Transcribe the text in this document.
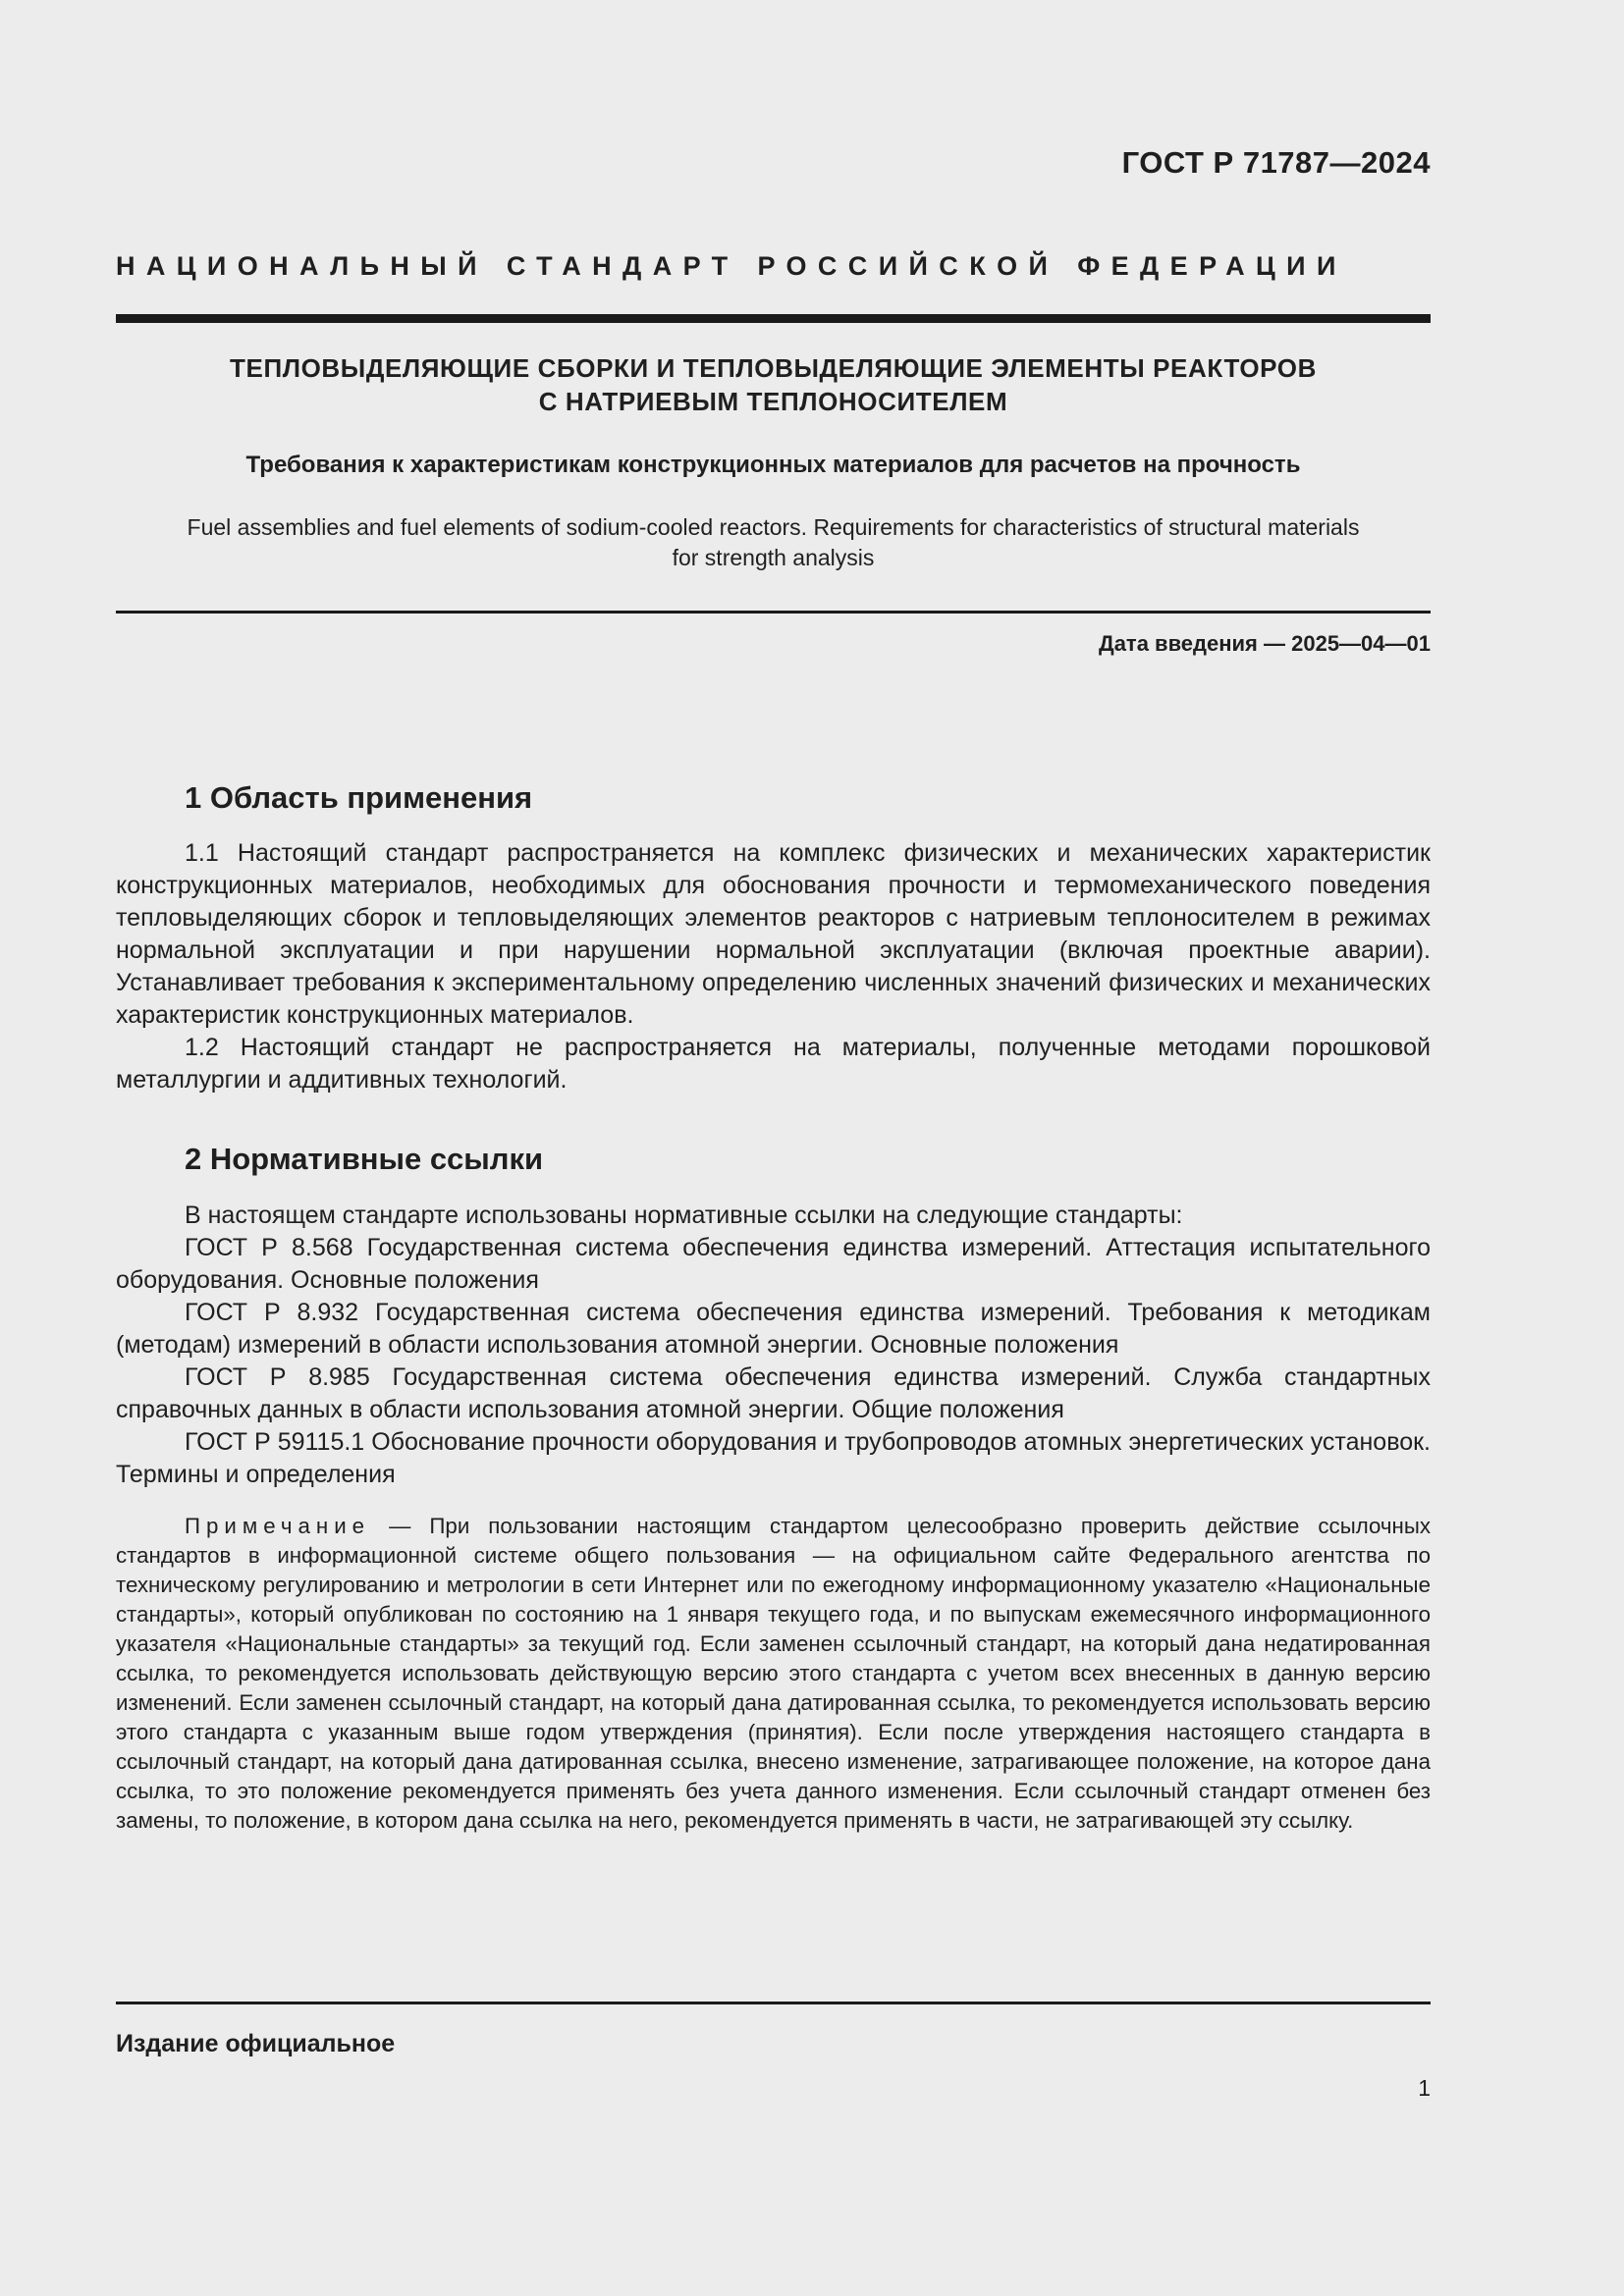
ГОСТ Р 71787—2024
НАЦИОНАЛЬНЫЙ СТАНДАРТ РОССИЙСКОЙ ФЕДЕРАЦИИ
ТЕПЛОВЫДЕЛЯЮЩИЕ СБОРКИ И ТЕПЛОВЫДЕЛЯЮЩИЕ ЭЛЕМЕНТЫ РЕАКТОРОВ
С НАТРИЕВЫМ ТЕПЛОНОСИТЕЛЕМ
Требования к характеристикам конструкционных материалов для расчетов на прочность
Fuel assemblies and fuel elements of sodium-cooled reactors. Requirements for characteristics of structural materials
for strength analysis
Дата введения — 2025—04—01
1 Область применения

1.1 Настоящий стандарт распространяется на комплекс физических и механических характеристик конструкционных материалов, необходимых для обоснования прочности и термомеханического поведения тепловыделяющих сборок и тепловыделяющих элементов реакторов с натриевым теплоносителем в режимах нормальной эксплуатации и при нарушении нормальной эксплуатации (включая проектные аварии). Устанавливает требования к экспериментальному определению численных значений физических и механических характеристик конструкционных материалов.

1.2 Настоящий стандарт не распространяется на материалы, полученные методами порошковой металлургии и аддитивных технологий.

2 Нормативные ссылки

В настоящем стандарте использованы нормативные ссылки на следующие стандарты:

ГОСТ Р 8.568 Государственная система обеспечения единства измерений. Аттестация испытательного оборудования. Основные положения

ГОСТ Р 8.932 Государственная система обеспечения единства измерений. Требования к методикам (методам) измерений в области использования атомной энергии. Основные положения

ГОСТ Р 8.985 Государственная система обеспечения единства измерений. Служба стандартных справочных данных в области использования атомной энергии. Общие положения

ГОСТ Р 59115.1 Обоснование прочности оборудования и трубопроводов атомных энергетических установок. Термины и определения

Примечание — При пользовании настоящим стандартом целесообразно проверить действие ссылочных стандартов в информационной системе общего пользования — на официальном сайте Федерального агентства по техническому регулированию и метрологии в сети Интернет или по ежегодному информационному указателю «Национальные стандарты», который опубликован по состоянию на 1 января текущего года, и по выпускам ежемесячного информационного указателя «Национальные стандарты» за текущий год. Если заменен ссылочный стандарт, на который дана недатированная ссылка, то рекомендуется использовать действующую версию этого стандарта с учетом всех внесенных в данную версию изменений. Если заменен ссылочный стандарт, на который дана датированная ссылка, то рекомендуется использовать версию этого стандарта с указанным выше годом утверждения (принятия). Если после утверждения настоящего стандарта в ссылочный стандарт, на который дана датированная ссылка, внесено изменение, затрагивающее положение, на которое дана ссылка, то это положение рекомендуется применять без учета данного изменения. Если ссылочный стандарт отменен без замены, то положение, в котором дана ссылка на него, рекомендуется применять в части, не затрагивающей эту ссылку.

Издание официальное
1
